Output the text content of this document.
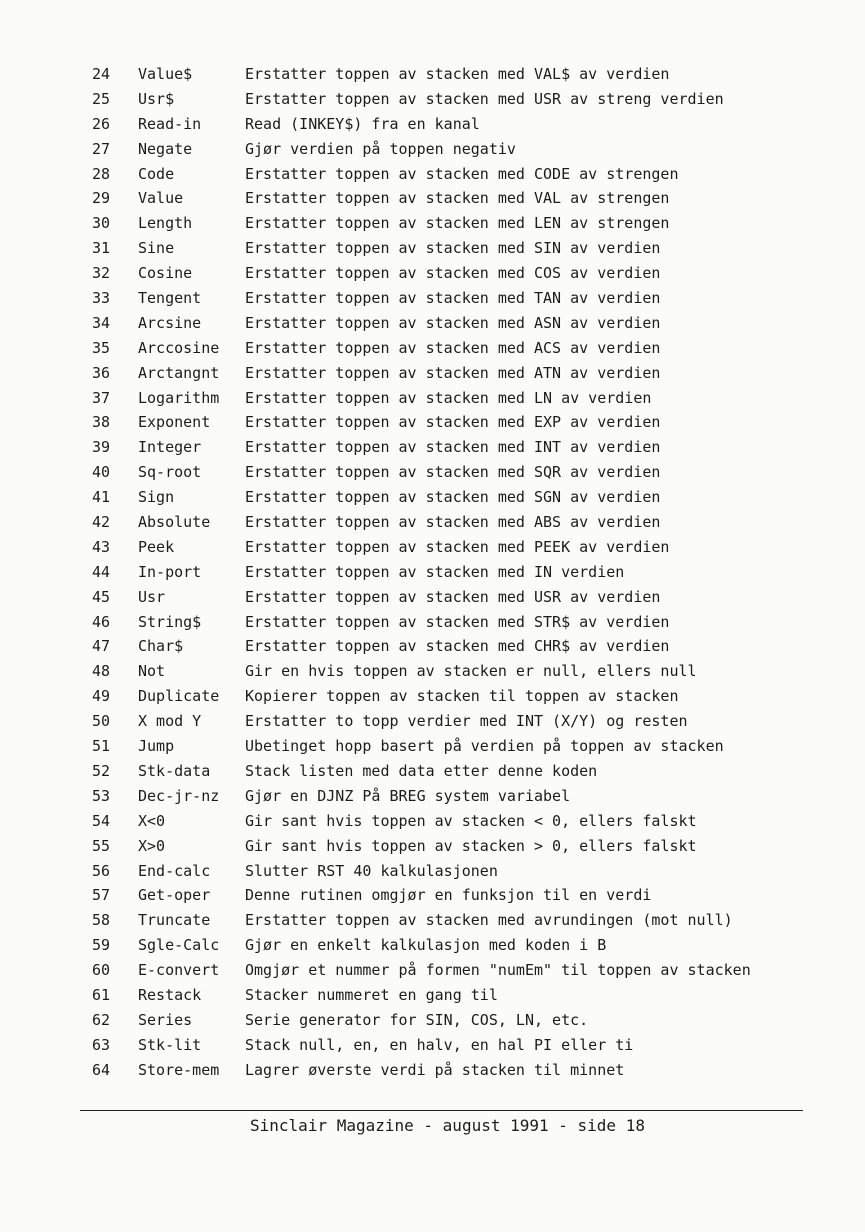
24 Value$	Erstatter toppen av stacken med VAL$ av verdien
25 Usr$	Erstatter toppen av stacken med USR av streng verdien
26 Read-in	Read (INKEY$) fra en kanal
27 Negate	Gjør verdien på toppen negativ
28 Code	Erstatter toppen av stacken med CODE av strengen
29 Value	Erstatter toppen av stacken med VAL av strengen
30 Length	Erstatter toppen av stacken med LEN av strengen
31 Sine	Erstatter toppen av stacken med SIN av verdien
32 Cosine	Erstatter toppen av stacken med COS av verdien
33 Tengent	Erstatter toppen av stacken med TAN av verdien
34 Arcsine	Erstatter toppen av stacken med ASN av verdien
35 Arccosine Erstatter toppen av stacken med ACS av verdien
36 Arctangnt Erstatter toppen av stacken med ATN av verdien
37 Logarithm Erstatter toppen av stacken med LN av verdien
38 Exponent Erstatter toppen av stacken med EXP av verdien
39 Integer	Erstatter toppen av stacken med INT av verdien
40 Sq-root	Erstatter toppen av stacken med SQR av verdien
41 Sign	Erstatter toppen av stacken med SGN av verdien
42 Absolute Erstatter toppen av stacken med ABS av verdien
43 Peek	Erstatter toppen av stacken med PEEK av verdien
44 In-port	Erstatter toppen av stacken med IN verdien
45 Usr	Erstatter toppen av stacken med USR av verdien
46 String$	Erstatter toppen av stacken med STR$ av verdien
47 Char$	Erstatter toppen av stacken med CHR$ av verdien
48 Not	Gir en hvis toppen av stacken er null, ellers null
49 Duplicate Kopierer toppen av stacken til toppen av stacken
50 X mod Y	Erstatter to topp verdier med INT (X/Y) og resten
51 Jump	Ubetinget hopp basert på verdien på toppen av stacken
52 Stk-data Stack listen med data etter denne koden
53 Dec-jr-nz Gjør en DJNZ På BREG system variabel
54 X<0	Gir sant hvis toppen av stacken < 0, ellers falskt
55 X>0	Gir sant hvis toppen av stacken > 0, ellers falskt
56 End-calc Slutter RST 40 kalkulasjonen
57 Get-oper Denne rutinen omgjør en funksjon til en verdi
58 Truncate Erstatter toppen av stacken med avrundingen (mot null)
59 Sgle-Calc Gjør en enkelt kalkulasjon med koden i B
60 E-convert Omgjør et nummer på formen "numEm" til toppen av stacken
61 Restack	Stacker nummeret en gang til
62 Series	Serie generator for SIN, COS, LN, etc.
63 Stk-lit	Stack null, en, en halv, en hal PI eller ti
64 Store-mem Lagrer øverste verdi på stacken til minnet
Sinclair Magazine - august 1991 - side 18
